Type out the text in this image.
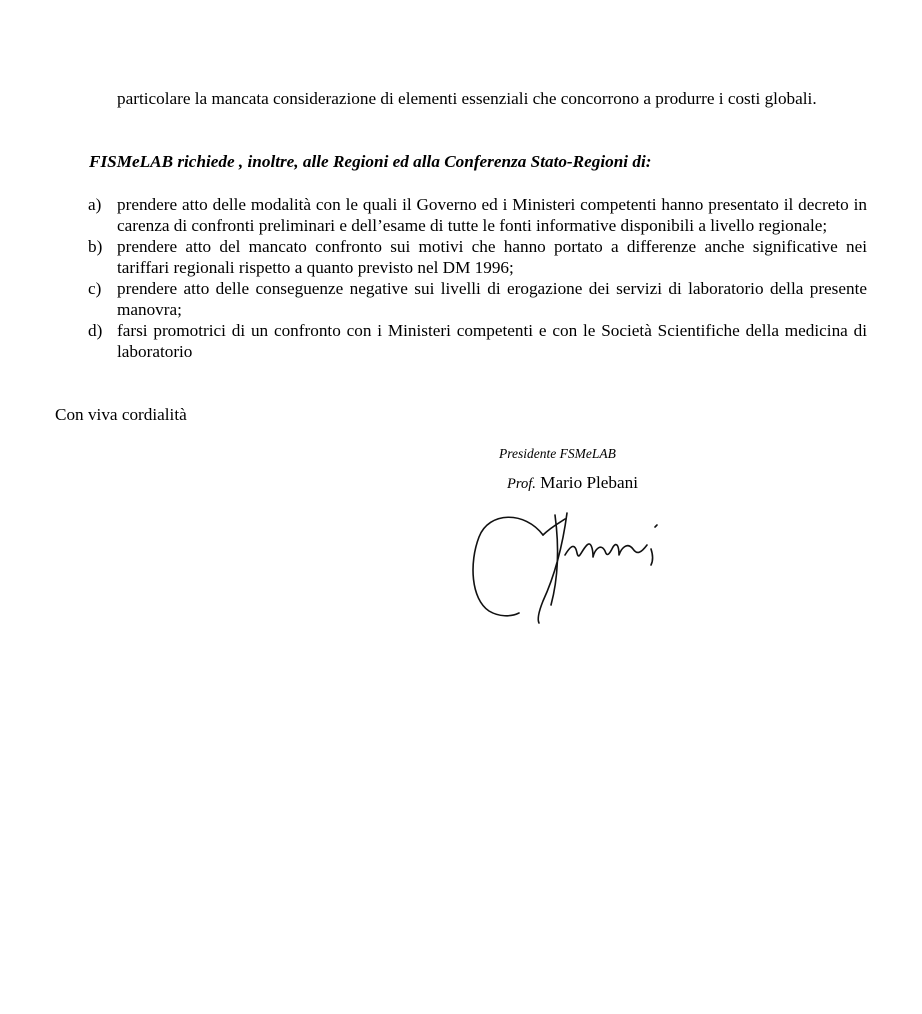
particolare la mancata considerazione di elementi essenziali che concorrono a produrre i costi globali.

FISMeLAB richiede , inoltre, alle Regioni ed alla Conferenza Stato-Regioni di:
a) prendere atto delle modalità con le quali il Governo ed i Ministeri competenti hanno presentato il decreto in carenza di confronti preliminari e dell’esame di tutte le fonti informative disponibili a livello regionale;
b) prendere atto del mancato confronto sui motivi che hanno portato a differenze anche significative nei tariffari regionali rispetto a quanto previsto nel DM 1996;
c) prendere atto delle conseguenze negative sui livelli di erogazione dei servizi di laboratorio della presente manovra;
d) farsi promotrici di un confronto con i Ministeri competenti e con le Società Scientifiche della medicina di laboratorio
Con viva cordialità
Presidente FSMeLAB
Prof. Mario Plebani
